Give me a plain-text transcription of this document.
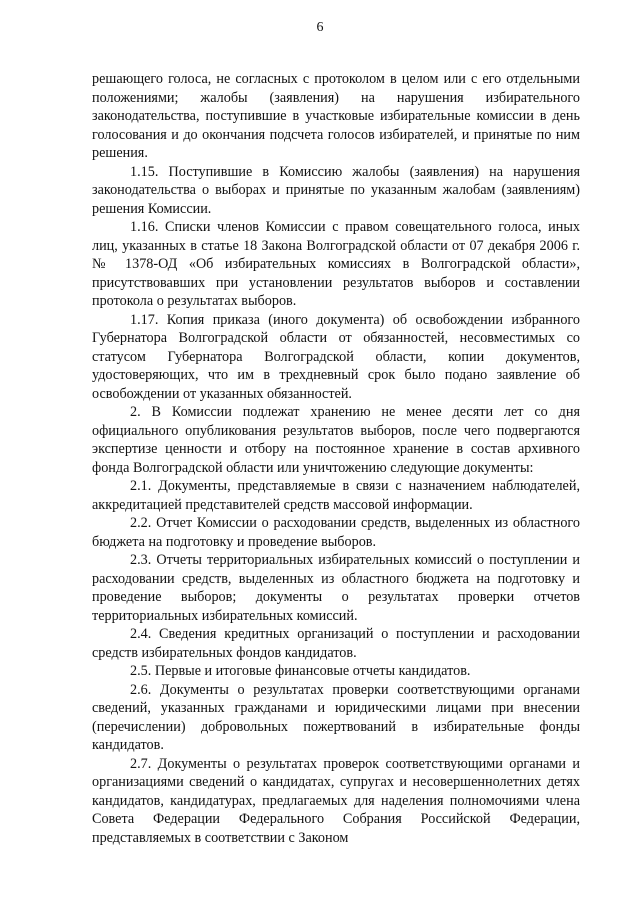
6

решающего голоса, не согласных с протоколом в целом или с его отдельными положениями; жалобы (заявления) на нарушения избирательного законодательства, поступившие в участковые избирательные комиссии в день голосования и до окончания подсчета голосов избирателей, и принятые по ним решения.

1.15. Поступившие в Комиссию жалобы (заявления) на нарушения законодательства о выборах и принятые по указанным жалобам (заявлениям) решения Комиссии.

1.16. Списки членов Комиссии с правом совещательного голоса, иных лиц, указанных в статье 18 Закона Волгоградской области от 07 декабря 2006 г. № 1378-ОД «Об избирательных комиссиях в Волгоградской области», присутствовавших при установлении результатов выборов и составлении протокола о результатах выборов.

1.17. Копия приказа (иного документа) об освобождении избранного Губернатора Волгоградской области от обязанностей, несовместимых со статусом Губернатора Волгоградской области, копии документов, удостоверяющих, что им в трехдневный срок было подано заявление об освобождении от указанных обязанностей.

2. В Комиссии подлежат хранению не менее десяти лет со дня официального опубликования результатов выборов, после чего подвергаются экспертизе ценности и отбору на постоянное хранение в состав архивного фонда Волгоградской области или уничтожению следующие документы:

2.1. Документы, представляемые в связи с назначением наблюдателей, аккредитацией представителей средств массовой информации.

2.2. Отчет Комиссии о расходовании средств, выделенных из областного бюджета на подготовку и проведение выборов.

2.3. Отчеты территориальных избирательных комиссий о поступлении и расходовании средств, выделенных из областного бюджета на подготовку и проведение выборов; документы о результатах проверки отчетов территориальных избирательных комиссий.

2.4. Сведения кредитных организаций о поступлении и расходовании средств избирательных фондов кандидатов.

2.5. Первые и итоговые финансовые отчеты кандидатов.

2.6. Документы о результатах проверки соответствующими органами сведений, указанных гражданами и юридическими лицами при внесении (перечислении) добровольных пожертвований в избирательные фонды кандидатов.

2.7. Документы о результатах проверок соответствующими органами и организациями сведений о кандидатах, супругах и несовершеннолетних детях кандидатов, кандидатурах, предлагаемых для наделения полномочиями члена Совета Федерации Федерального Собрания Российской Федерации, представляемых в соответствии с Законом
